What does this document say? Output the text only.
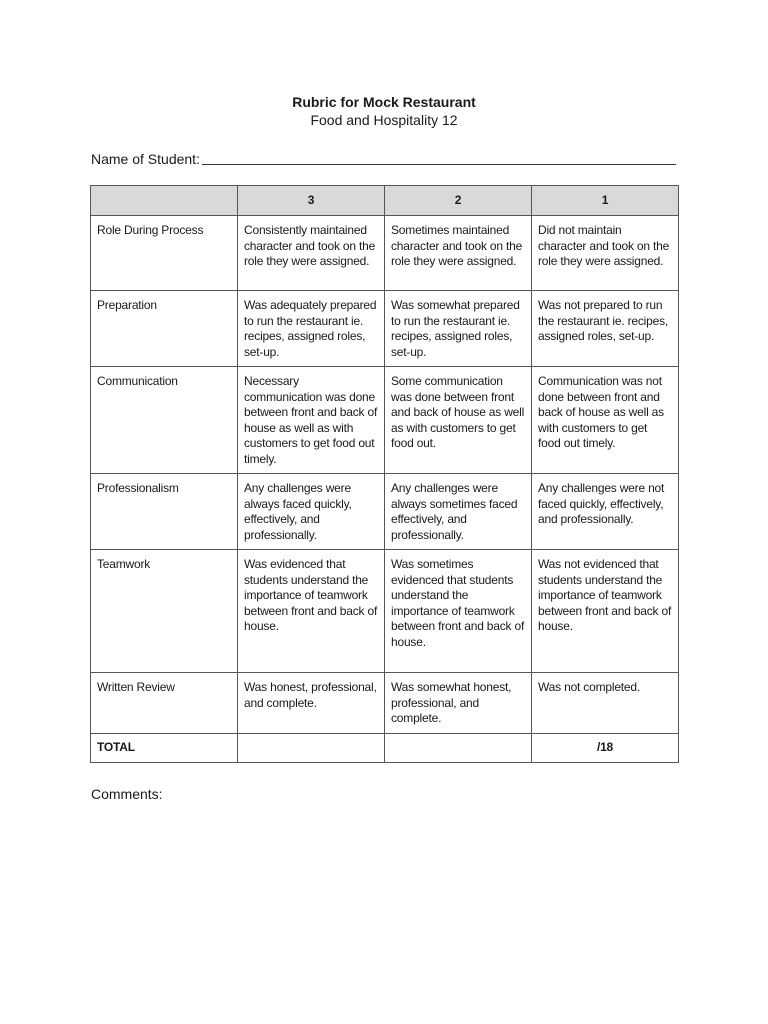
Rubric for Mock Restaurant
Food and Hospitality 12
Name of Student:
	3	2	1
Role During Process	Consistently maintained character and took on the role they were assigned.	Sometimes maintained character and took on the role they were assigned.	Did not maintain character and took on the role they were assigned.
Preparation	Was adequately prepared to run the restaurant ie. recipes, assigned roles, set-up.	Was somewhat prepared to run the restaurant ie. recipes, assigned roles, set-up.	Was not prepared to run the restaurant ie. recipes, assigned roles, set-up.
Communication	Necessary communication was done between front and back of house as well as with customers to get food out timely.	Some communication was done between front and back of house as well as with customers to get food out.	Communication was not done between front and back of house as well as with customers to get food out timely.
Professionalism	Any challenges were always faced quickly, effectively, and professionally.	Any challenges were always sometimes faced effectively, and professionally.	Any challenges were not faced quickly, effectively, and professionally.
Teamwork	Was evidenced that students understand the importance of teamwork between front and back of house.	Was sometimes evidenced that students understand the importance of teamwork between front and back of house.	Was not evidenced that students understand the importance of teamwork between front and back of house.
Written Review	Was honest, professional, and complete.	Was somewhat honest, professional, and complete.	Was not completed.
TOTAL			/18
Comments:
